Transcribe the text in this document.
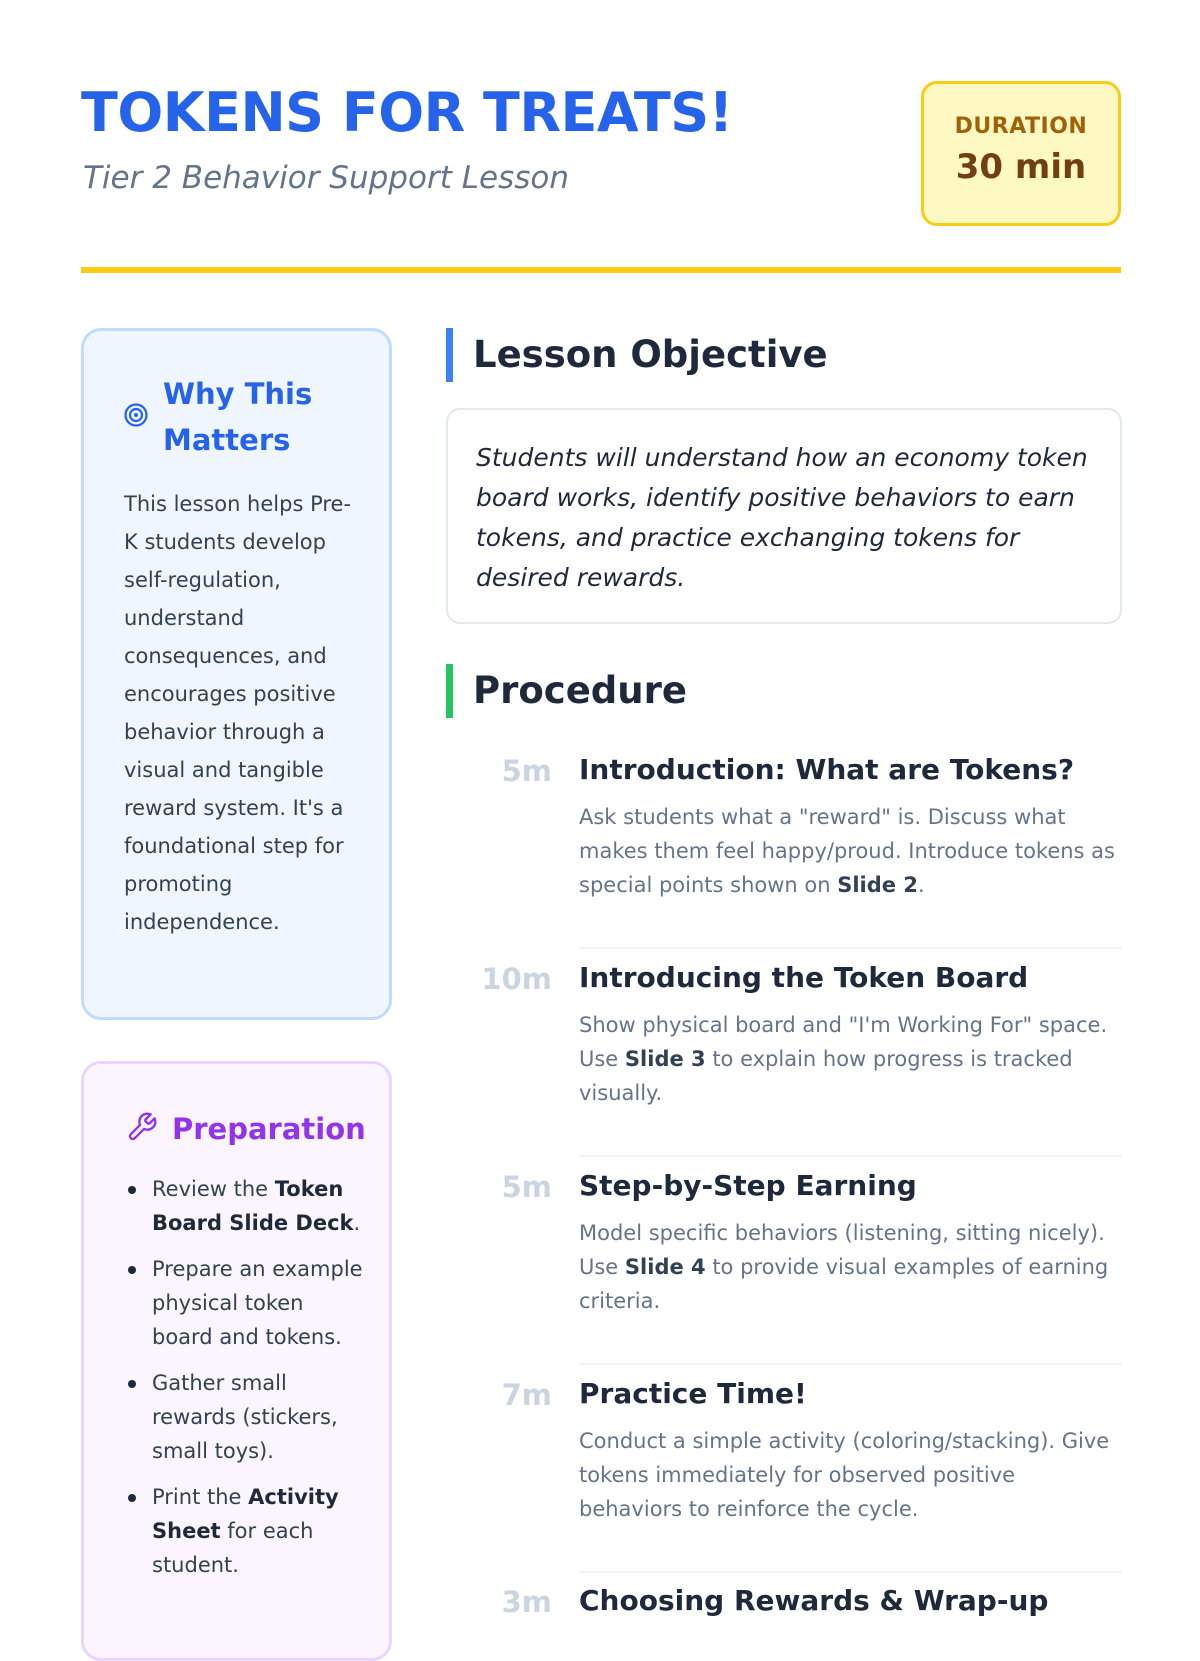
TOKENS FOR TREATS!
Tier 2 Behavior Support Lesson
DURATION
30 min
Why This Matters

This lesson helps Pre-K students develop self-regulation, understand consequences, and encourages positive behavior through a visual and tangible reward system. It's a foundational step for promoting independence.

Preparation
Review the Token Board Slide Deck.
Prepare an example physical token board and tokens.
Gather small rewards (stickers, small toys).
Print the Activity Sheet for each student.
Lesson Objective
Students will understand how an economy token board works, identify positive behaviors to earn tokens, and practice exchanging tokens for desired rewards.
Procedure
5m Introduction: What are Tokens?
Ask students what a "reward" is. Discuss what makes them feel happy/proud. Introduce tokens as special points shown on Slide 2.
10m Introducing the Token Board
Show physical board and "I'm Working For" space. Use Slide 3 to explain how progress is tracked visually.
5m Step-by-Step Earning
Model specific behaviors (listening, sitting nicely). Use Slide 4 to provide visual examples of earning criteria.
7m Practice Time!
Conduct a simple activity (coloring/stacking). Give tokens immediately for observed positive behaviors to reinforce the cycle.
3m Choosing Rewards & Wrap-up
